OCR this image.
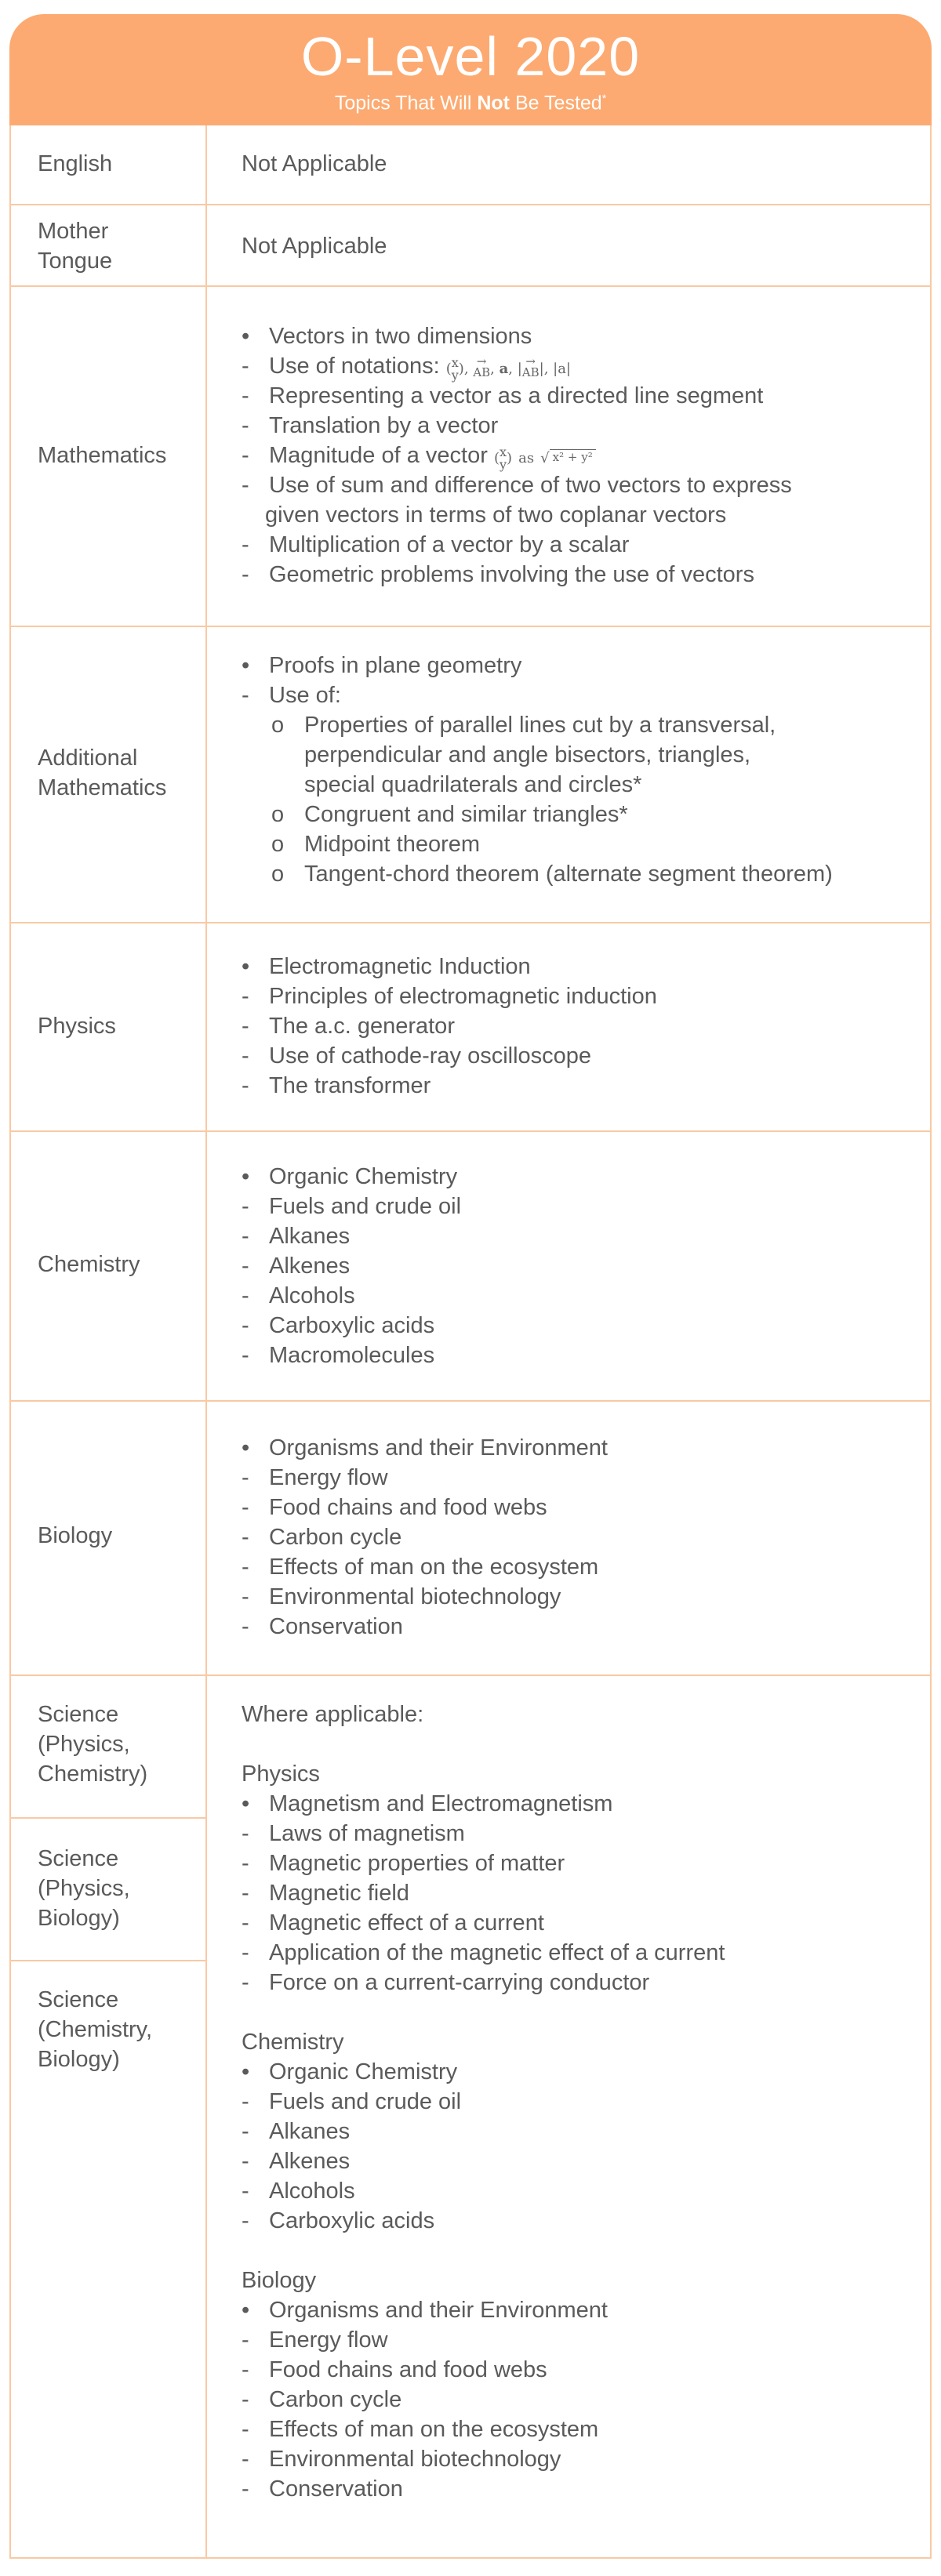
O-Level 2020
Topics That Will Not Be Tested*
English	Not Applicable
Mother
Tongue
Not Applicable
Mathematics
• Vectors in two dimensions
- Use of notations: (x
y), →
AB, a, | →
AB|, |a|
- Representing a vector as a directed line segment
- Translation by a vector
- Magnitude of a vector (x
y) as √ x² + y²
- Use of sum and difference of two vectors to express
given vectors in terms of two coplanar vectors
- Multiplication of a vector by a scalar
- Geometric problems involving the use of vectors
Additional
Mathematics
• Proofs in plane geometry
- Use of:
o Properties of parallel lines cut by a transversal,
perpendicular and angle bisectors, triangles,
special quadrilaterals and circles*
o Congruent and similar triangles*
o Midpoint theorem
o Tangent-chord theorem (alternate segment theorem)
Physics
• Electromagnetic Induction
- Principles of electromagnetic induction
- The a.c. generator
- Use of cathode-ray oscilloscope
- The transformer
Chemistry
• Organic Chemistry
- Fuels and crude oil
- Alkanes
- Alkenes
- Alcohols
- Carboxylic acids
- Macromolecules
Biology
• Organisms and their Environment
- Energy flow
- Food chains and food webs
- Carbon cycle
- Effects of man on the ecosystem
- Environmental biotechnology
- Conservation
Science
(Physics,
Chemistry)
Science
(Physics,
Biology)
Science
(Chemistry,
Biology)
Where applicable:
Physics
• Magnetism and Electromagnetism
- Laws of magnetism
- Magnetic properties of matter
- Magnetic field
- Magnetic effect of a current
- Application of the magnetic effect of a current
- Force on a current-carrying conductor
Chemistry
• Organic Chemistry
- Fuels and crude oil
- Alkanes
- Alkenes
- Alcohols
- Carboxylic acids
Biology
• Organisms and their Environment
- Energy flow
- Food chains and food webs
- Carbon cycle
- Effects of man on the ecosystem
- Environmental biotechnology
- Conservation
